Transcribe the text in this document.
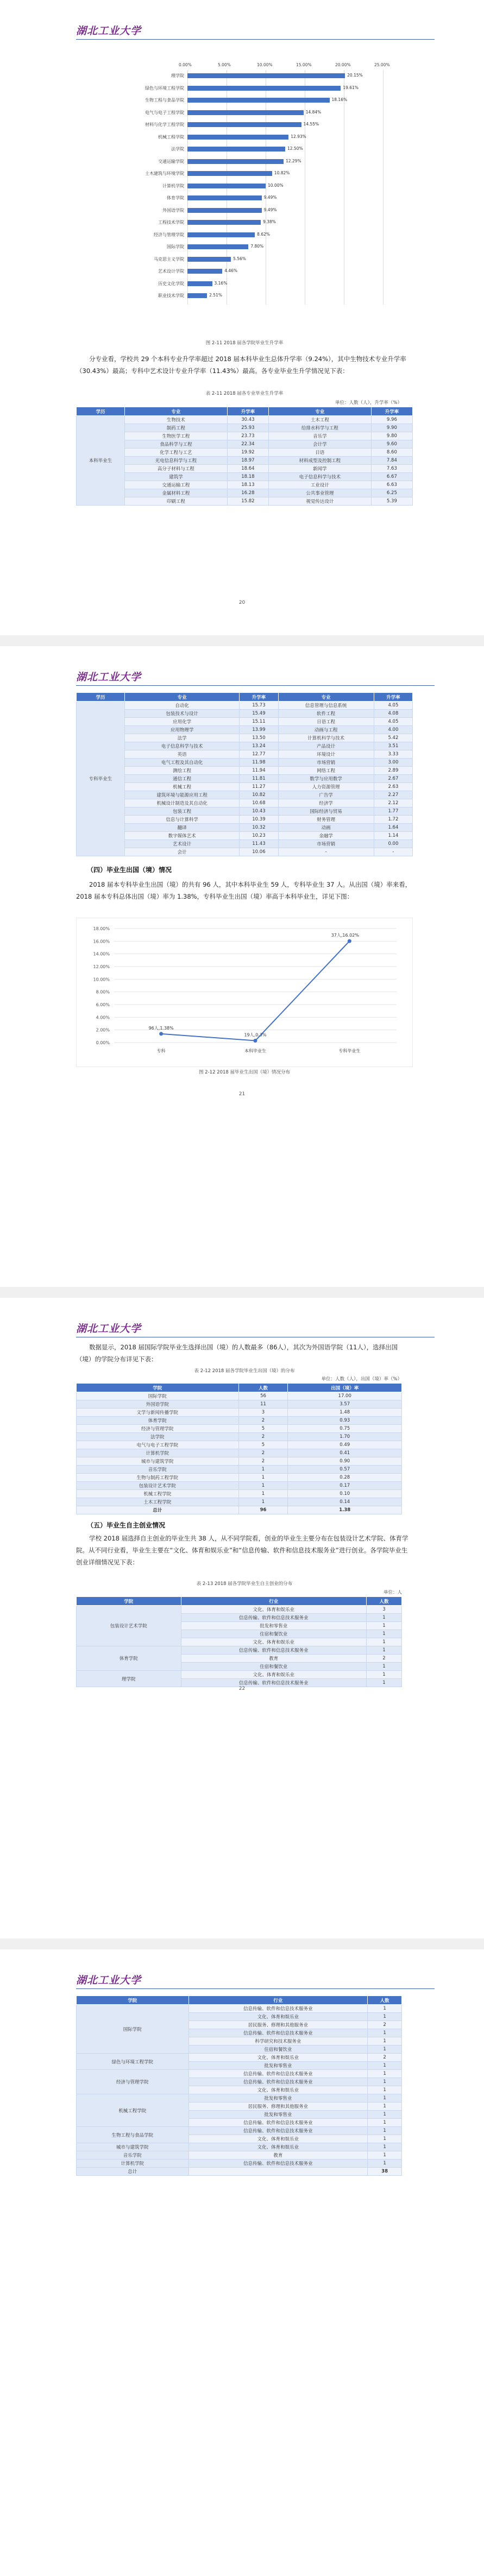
湖北工业大学
0.00%	5.00%	10.00%	15.00%	20.00%	25.00%
理学院	20.15%
绿色与环境工程学院	19.61%
生物工程与食品学院	18.16%
电气与电子工程学院	14.84%
材料与化学工程学院	14.55%
机械工程学院	12.93%
法学院	12.50%
交通运输学院	12.29%
土木建筑与环境学院	10.82%
计算机学院	10.00%
体育学院	9.49%
外国语学院	9.49%
工程技术学院	9.38%
经济与管理学院	8.62%
国际学院	7.80%
马克思主义学院	5.56%
艺术设计学院	4.46%
历史文化学院	3.16%
职业技术学院	2.51%
图 2-11 2018 届各学院毕业生升学率
分专业看，学校共 29 个本科专业升学率超过 2018 届本科毕业生总体升学率（9.24%），其中生物技术专业升学率（30.43%）最高；专科中艺术设计专业升学率（11.43%）最高。各专业毕业生升学情况见下表：
表 2-11 2018 届各专业毕业生升学率
单位：人数（人），升学率（%）
学历	专业	升学率	专业	升学率
本科毕业生	生物技术	30.43	土木工程	9.96
	制药工程	25.93	给排水科学与工程	9.90
	生物医学工程	23.73	音乐学	9.80
	食品科学与工程	22.34	会计学	9.60
	化学工程与工艺	19.92	日语	8.60
	光电信息科学与工程	18.97	材料成型及控制工程	7.84
	高分子材料与工程	18.64	新闻学	7.63
	建筑学	18.18	电子信息科学与技术	6.67
	交通运输工程	18.13	工业设计	6.63
	金属材料工程	16.28	公共事业管理	6.25
	印刷工程	15.82	视觉传达设计	5.39
20
湖北工业大学
学历	专业	升学率	专业	升学率
专科毕业生	自动化	15.73	信息管理与信息系统	4.05
	包装技术与设计	15.49	软件工程	4.08
	应用化学	15.11	日语工程	4.05
	应用物理学	13.99	动画与工程	4.00
	法学	13.50	计算机科学与技术	5.42
	电子信息科学与技术	13.24	产品设计	3.51
	英语	12.77	环境设计	3.33
	电气工程及其自动化	11.98	市场营销	3.00
	测绘工程	11.94	网络工程	2.89
	通信工程	11.81	数学与应用数学	2.67
	机械工程	11.27	人力资源管理	2.63
	建筑环境与能源应用工程	10.82	广告学	2.27
	机械设计制造及其自动化	10.68	经济学	2.12
	包装工程	10.43	国际经济与贸易	1.77
	信息与计算科学	10.39	财务管理	1.72
	翻译	10.32	动画	1.64
	数字媒体艺术	10.23	金融学	1.14
	艺术设计	11.43	市场营销	0.00
	会计	10.06	-	-
（四）毕业生出国（境）情况
2018 届本专科毕业生出国（境）的共有 96 人，其中本科毕业生 59 人，专科毕业生 37 人。从出国（境）率来看，2018 届本专科总体出国（境）率为 1.38%，专科毕业生出国（境）率高于本科毕业生，详见下图：
0.00%
2.00%
4.00%
6.00%
8.00%
10.00%
12.00%
14.00%
16.00%
18.00%
96人,1.38%
专科
19人,0.3%
本科毕业生
37人,16.02%
专科毕业生
图 2-12 2018 届毕业生出国（境）情况分布
21
湖北工业大学
数据显示，2018 届国际学院毕业生选择出国（境）的人数最多（86人），其次为外国语学院（11人），选择出国（境）的学院分布详见下表：
表 2-12 2018 届各学院毕业生出国（境）的分布
单位：人数（人），出国（境）率（%）
学院	人数	出国（境）率
国际学院	56	17.00
外国语学院	11	3.57
文学与新闻传播学院	3	1.48
体育学院	2	0.93
经济与管理学院	5	0.75
法学院	2	1.70
电气与电子工程学院	5	0.49
计算机学院	2	0.41
城市与建筑学院	2	0.90
音乐学院	1	0.57
生物与制药工程学院	1	0.28
包装设计艺术学院	1	0.17
机械工程学院	1	0.10
土木工程学院	1	0.14
总计	96	1.38
（五）毕业生自主创业情况
学校 2018 届选择自主创业的毕业生共 38 人，从不同学院看，创业的毕业生主要分布在包装设计艺术学院、体育学院。从不同行业看，毕业生主要在“文化、体育和娱乐业”和“信息传输、软件和信息技术服务业”进行创业。各学院毕业生创业详细情况见下表：
表 2-13 2018 届各学院毕业生自主创业的分布
单位：人
学院	行业	人数
包装设计艺术学院	文化、体育和娱乐业	3
	信息传输、软件和信息技术服务业	1
	批发和零售业	1
	住宿和餐饮业	1
	文化、体育和娱乐业	1
体育学院	信息传输、软件和信息技术服务业	1
	教育	2
	住宿和餐饮业	1
理学院	文化、体育和娱乐业	1
	信息传输、软件和信息技术服务业	1
22
湖北工业大学
学院	行业	人数
国际学院	信息传输、软件和信息技术服务业	1
	文化、体育和娱乐业	1
	居民服务、修理和其他服务业	2
	信息传输、软件和信息技术服务业	1
	科学研究和技术服务业	1
	住宿和餐饮业	1
绿色与环境工程学院	文化、体育和娱乐业	2
	批发和零售业	1
经济与管理学院	信息传输、软件和信息技术服务业	1
	信息传输、软件和信息技术服务业	1
	文化、体育和娱乐业	1
机械工程学院	批发和零售业	1
	居民服务、修理和其他服务业	1
	批发和零售业	1
	信息传输、软件和信息技术服务业	1
生物工程与食品学院	信息传输、软件和信息技术服务业	1
	文化、体育和娱乐业	1
城市与建筑学院	文化、体育和娱乐业	1
音乐学院	教育	1
计算机学院	信息传输、软件和信息技术服务业	1
总计		38
